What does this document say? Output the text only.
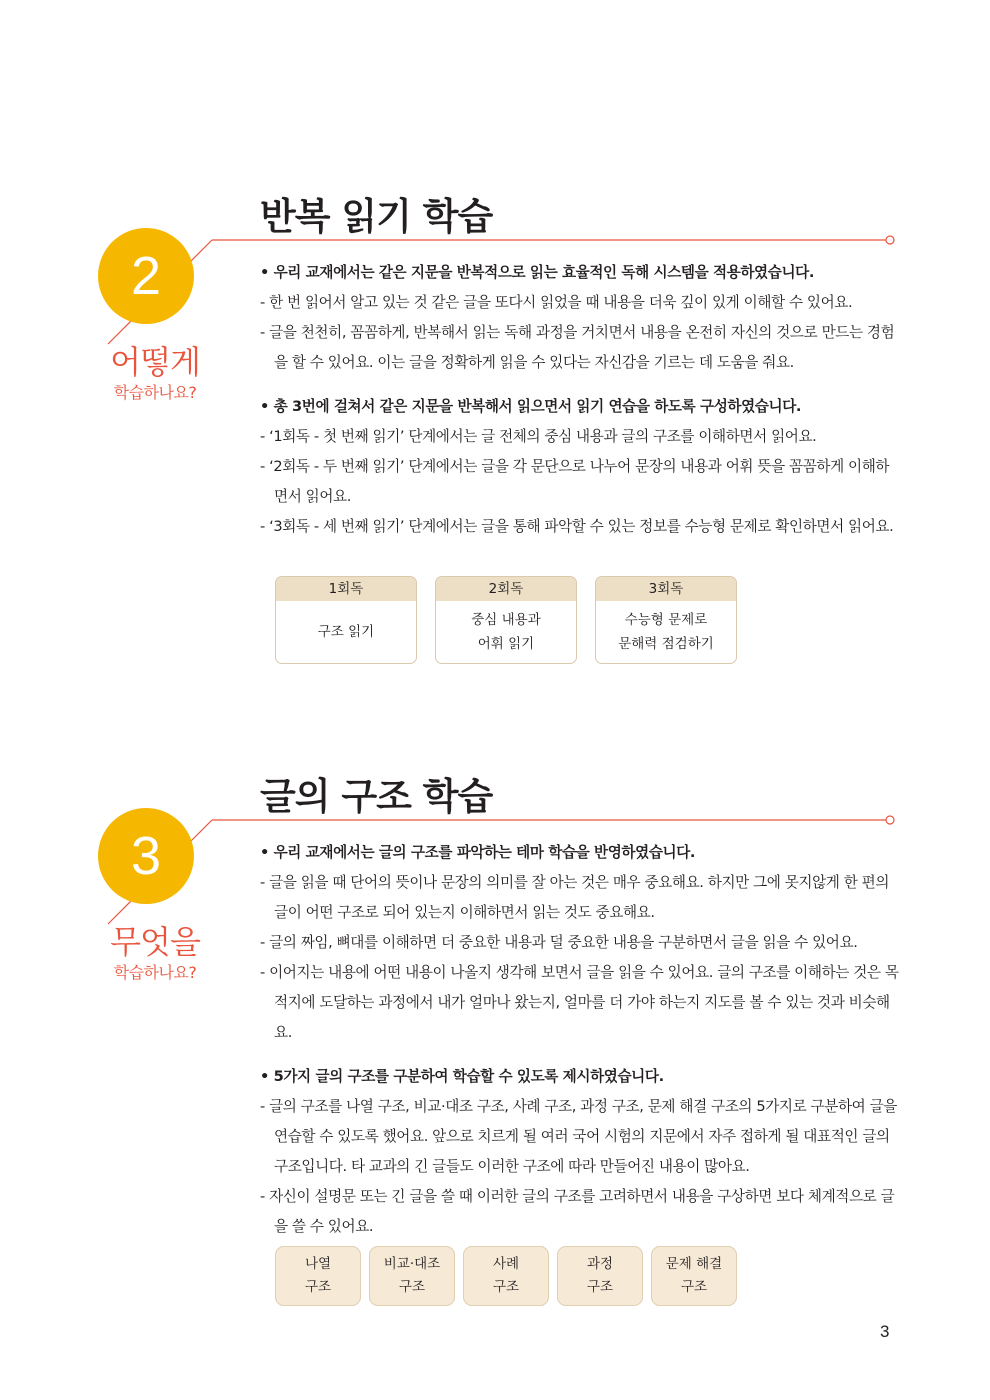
반복 읽기 학습
2
어떻게
학습하나요?

• 우리 교재에서는 같은 지문을 반복적으로 읽는 효율적인 독해 시스템을 적용하였습니다.

- 한 번 읽어서 알고 있는 것 같은 글을 또다시 읽었을 때 내용을 더욱 깊이 있게 이해할 수 있어요.

- 글을 천천히, 꼼꼼하게, 반복해서 읽는 독해 과정을 거치면서 내용을 온전히 자신의 것으로 만드는 경험을 할 수 있어요. 이는 글을 정확하게 읽을 수 있다는 자신감을 기르는 데 도움을 줘요.

• 총 3번에 걸쳐서 같은 지문을 반복해서 읽으면서 읽기 연습을 하도록 구성하였습니다.

- ‘1회독 - 첫 번째 읽기’ 단계에서는 글 전체의 중심 내용과 글의 구조를 이해하면서 읽어요.

- ‘2회독 - 두 번째 읽기’ 단계에서는 글을 각 문단으로 나누어 문장의 내용과 어휘 뜻을 꼼꼼하게 이해하면서 읽어요.

- ‘3회독 - 세 번째 읽기’ 단계에서는 글을 통해 파악할 수 있는 정보를 수능형 문제로 확인하면서 읽어요.

1회독
구조 읽기
2회독
중심 내용과
어휘 읽기
3회독
수능형 문제로
문해력 점검하기
글의 구조 학습
3
무엇을
학습하나요?

• 우리 교재에서는 글의 구조를 파악하는 테마 학습을 반영하였습니다.

- 글을 읽을 때 단어의 뜻이나 문장의 의미를 잘 아는 것은 매우 중요해요. 하지만 그에 못지않게 한 편의 글이 어떤 구조로 되어 있는지 이해하면서 읽는 것도 중요해요.

- 글의 짜임, 뼈대를 이해하면 더 중요한 내용과 덜 중요한 내용을 구분하면서 글을 읽을 수 있어요.

- 이어지는 내용에 어떤 내용이 나올지 생각해 보면서 글을 읽을 수 있어요. 글의 구조를 이해하는 것은 목적지에 도달하는 과정에서 내가 얼마나 왔는지, 얼마를 더 가야 하는지 지도를 볼 수 있는 것과 비슷해요.

• 5가지 글의 구조를 구분하여 학습할 수 있도록 제시하였습니다.

- 글의 구조를 나열 구조, 비교·대조 구조, 사례 구조, 과정 구조, 문제 해결 구조의 5가지로 구분하여 글을 연습할 수 있도록 했어요. 앞으로 치르게 될 여러 국어 시험의 지문에서 자주 접하게 될 대표적인 글의 구조입니다. 타 교과의 긴 글들도 이러한 구조에 따라 만들어진 내용이 많아요.

- 자신이 설명문 또는 긴 글을 쓸 때 이러한 글의 구조를 고려하면서 내용을 구상하면 보다 체계적으로 글을 쓸 수 있어요.

나열
구조
비교·대조
구조
사례
구조
과정
구조
문제 해결
구조
3
